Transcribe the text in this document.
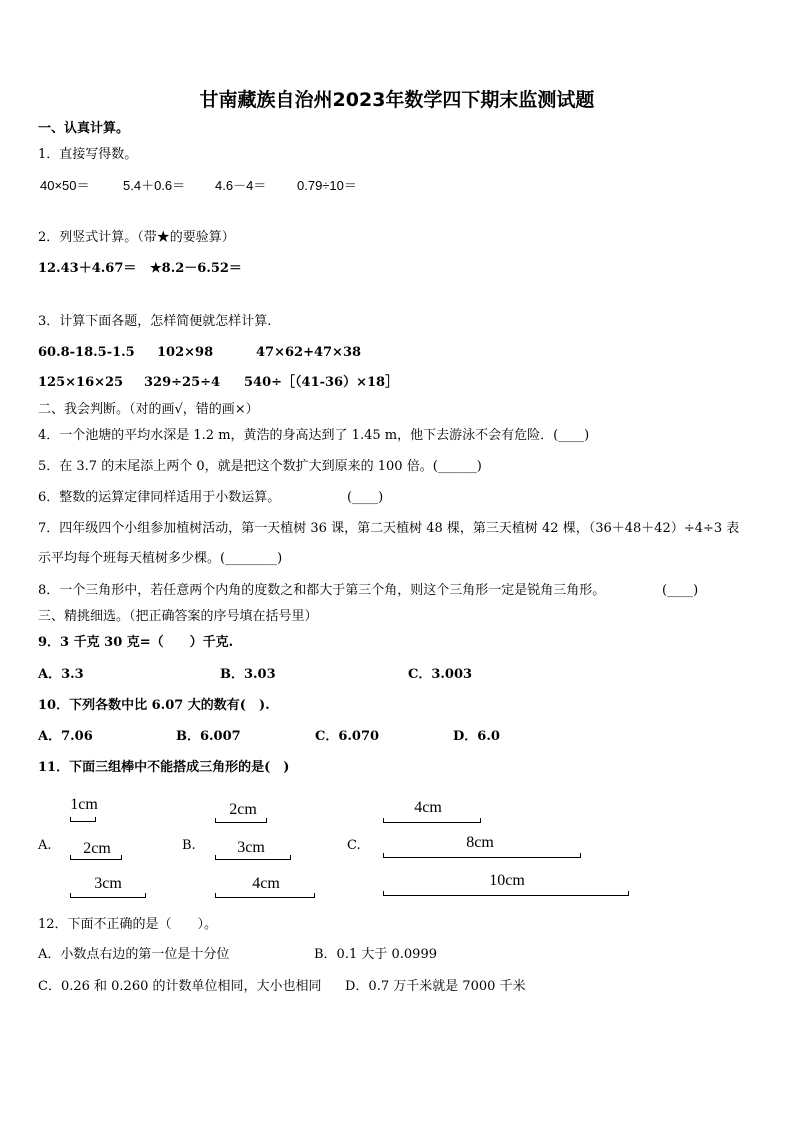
甘南藏族自治州2023年数学四下期末监测试题
一、认真计算。
1．直接写得数。
40×50＝	5.4＋0.6＝ 4.6－4＝ 0.79÷10＝
2．列竖式计算。（带★的要验算）
12.43＋4.67＝ ★8.2－6.52＝
3．计算下面各题，怎样简便就怎样计算.
60.8-18.5-1.5 102×98	47×62+47×38
125×16×25 329÷25÷4 540÷［（41-36）×18］
二、我会判断。（对的画√，错的画×）
4．一个池塘的平均水深是 1.2 m，黄浩的身高达到了 1.45 m，他下去游泳不会有危险．(____)
5．在 3.7 的末尾添上两个 0，就是把这个数扩大到原来的 100 倍。(______)
6．整数的运算定律同样适用于小数运算。	(____)
7．四年级四个小组参加植树活动，第一天植树 36 课，第二天植树 48 棵，第三天植树 42 棵，（36＋48＋42）÷4÷3 表
示平均每个班每天植树多少棵。(________)
8．一个三角形中，若任意两个内角的度数之和都大于第三个角，则这个三角形一定是锐角三角形。	(____)
三、精挑细选。（把正确答案的序号填在括号里）
9．3 千克 30 克=（　　）千克.
A．3.3	B．3.03	C．3.003
10．下列各数中比 6.07 大的数有(　).
A．7.06	B．6.007	C．6.070	D．6.0
11．下面三组棒中不能搭成三角形的是(　)
A.
1cm
2cm
3cm
B.
2cm
3cm
4cm
C.
4cm
8cm
10cm
12．下面不正确的是（　　）。
A．小数点右边的第一位是十分位	B．0.1 大于 0.0999
C．0.26 和 0.260 的计数单位相同，大小也相同 D．0.7 万千米就是 7000 千米
